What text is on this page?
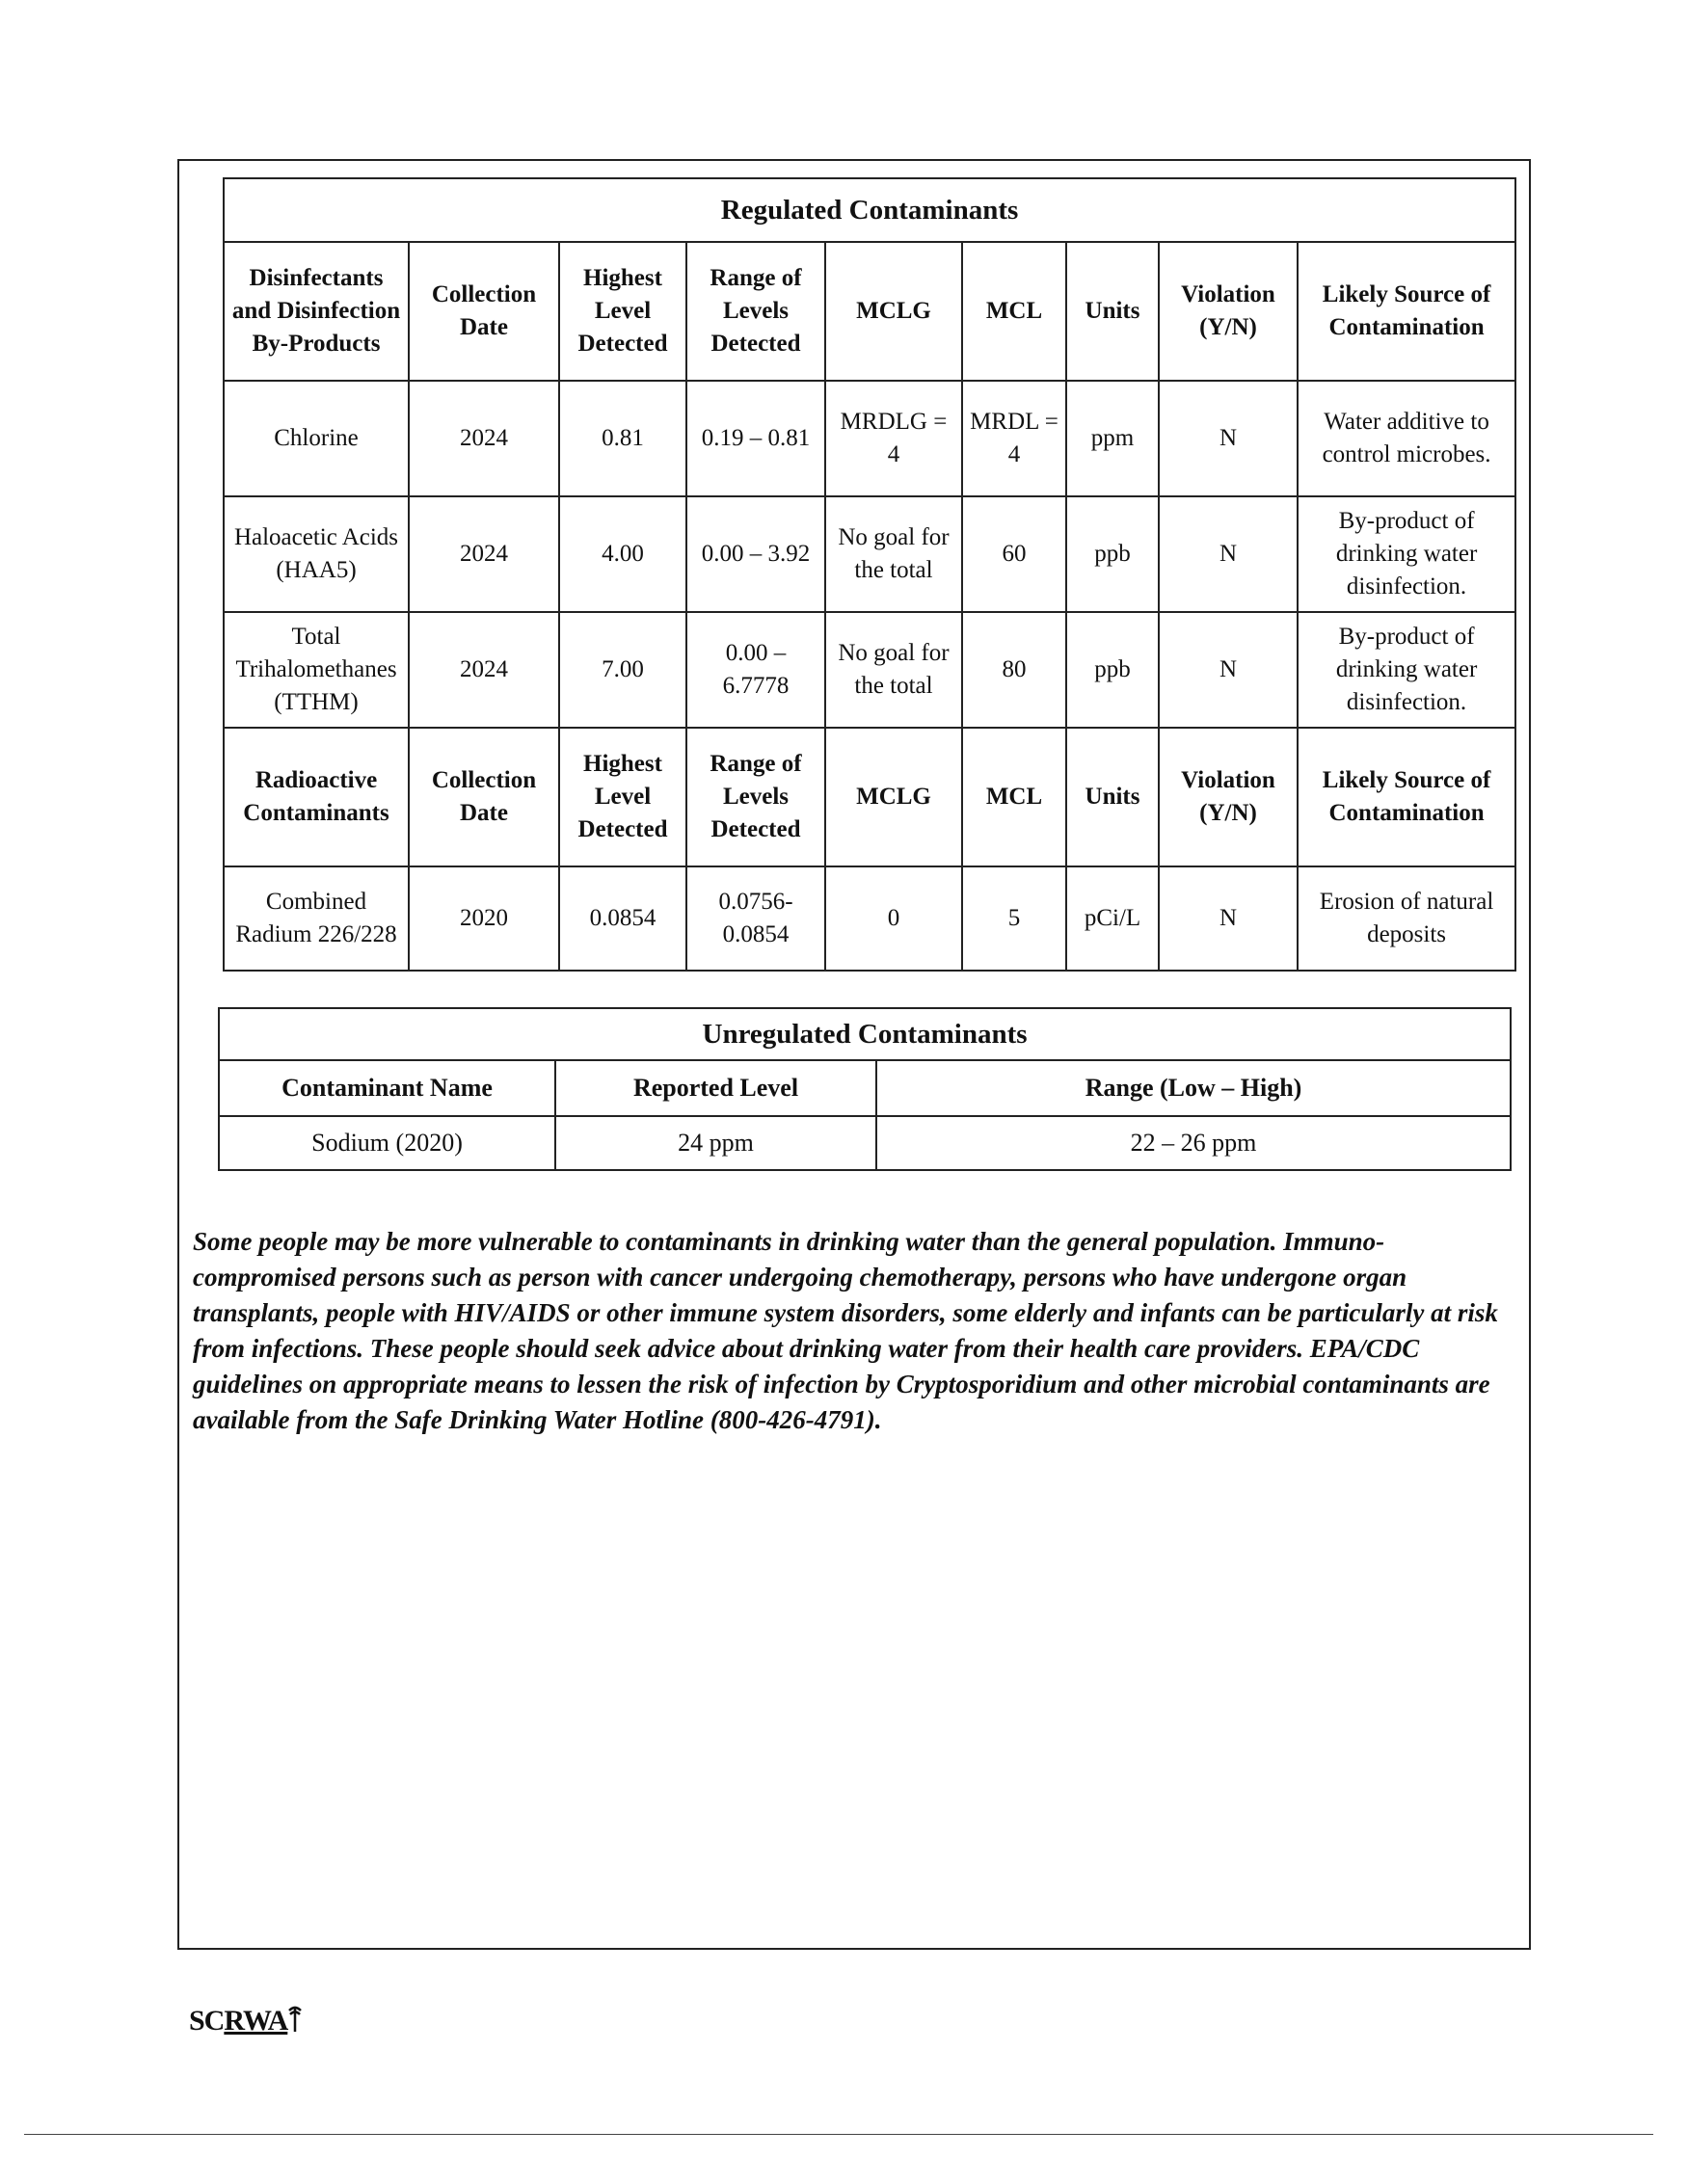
Regulated Contaminants								
Disinfectants and Disinfection By-Products	Collection Date	Highest Level Detected	Range of Levels Detected	MCLG	MCL	Units	Violation (Y/N)	Likely Source of Contamination
Chlorine	2024	0.81	0.19 – 0.81	MRDLG = 4	MRDL = 4	ppm	N	Water additive to control microbes.
Haloacetic Acids (HAA5)	2024	4.00	0.00 – 3.92	No goal for the total	60	ppb	N	By-product of drinking water disinfection.
Total Trihalomethanes (TTHM)	2024	7.00	0.00 – 6.7778	No goal for the total	80	ppb	N	By-product of drinking water disinfection.
Radioactive Contaminants	Collection Date	Highest Level Detected	Range of Levels Detected	MCLG	MCL	Units	Violation (Y/N)	Likely Source of Contamination
Combined Radium 226/228	2020	0.0854	0.0756-0.0854	0	5	pCi/L	N	Erosion of natural deposits
Unregulated Contaminants		
Contaminant Name	Reported Level	Range (Low – High)
Sodium (2020)	24 ppm	22 – 26 ppm

Some people may be more vulnerable to contaminants in drinking water than the general population. Immuno-compromised persons such as person with cancer undergoing chemotherapy, persons who have undergone organ transplants, people with HIV/AIDS or other immune system disorders, some elderly and infants can be particularly at risk from infections. These people should seek advice about drinking water from their health care providers. EPA/CDC guidelines on appropriate means to lessen the risk of infection by Cryptosporidium and other microbial contaminants are available from the Safe Drinking Water Hotline (800-426-4791).

SCRWA
